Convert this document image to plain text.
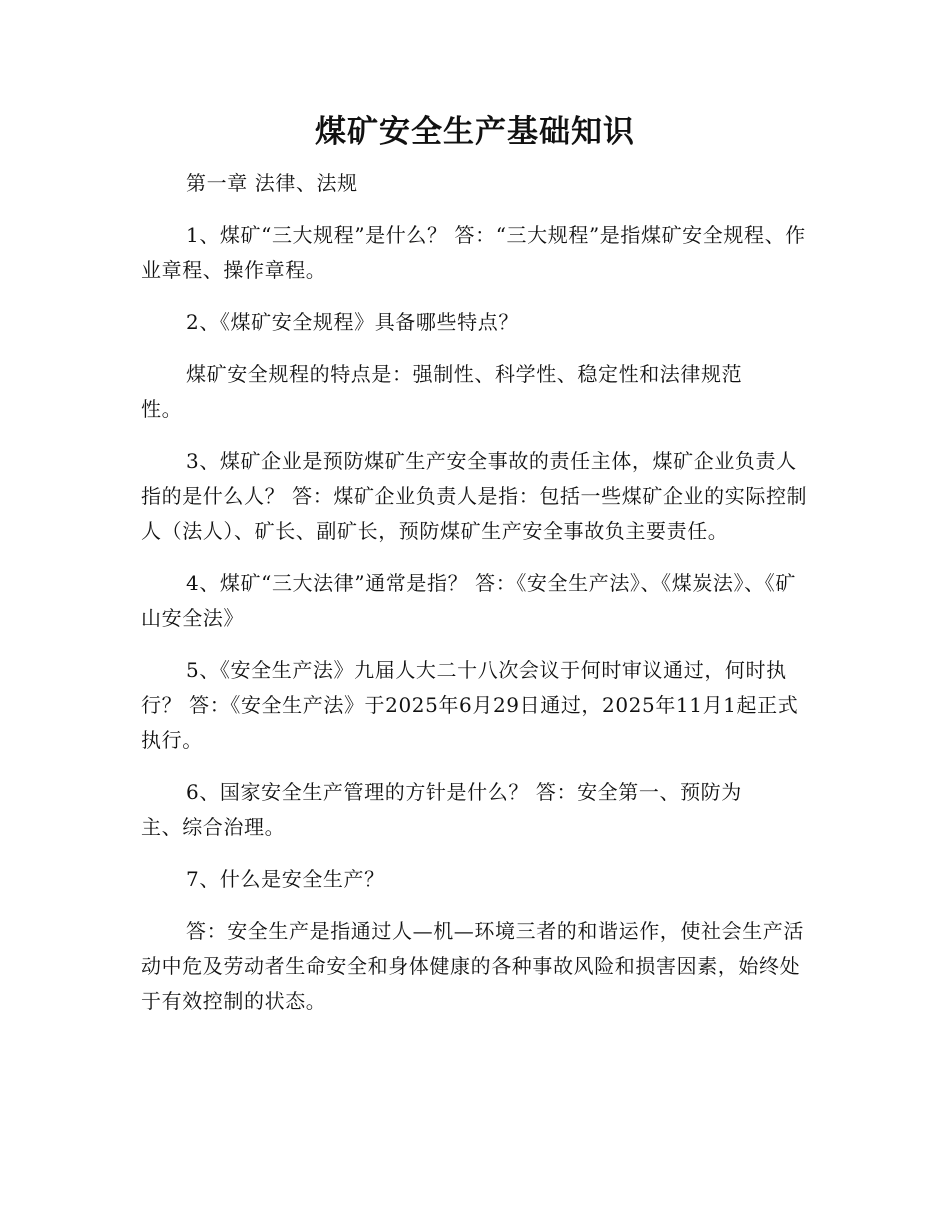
煤矿安全生产基础知识

第一章 法律、法规

1、煤矿“三大规程”是什么？ 答：“三大规程”是指煤矿安全规程、作业章程、操作章程。

2、《煤矿安全规程》具备哪些特点？

煤矿安全规程的特点是：强制性、科学性、稳定性和法律规范性。

3、煤矿企业是预防煤矿生产安全事故的责任主体，煤矿企业负责人指的是什么人？ 答：煤矿企业负责人是指：包括一些煤矿企业的实际控制人（法人）、矿长、副矿长，预防煤矿生产安全事故负主要责任。

4、煤矿“三大法律”通常是指？ 答：《安全生产法》、《煤炭法》、《矿山安全法》

5、《安全生产法》九届人大二十八次会议于何时审议通过，何时执行？ 答：《安全生产法》于2025年6月29日通过，2025年11月1起正式执行。

6、国家安全生产管理的方针是什么？ 答：安全第一、预防为主、综合治理。

7、什么是安全生产？

答：安全生产是指通过人—机—环境三者的和谐运作，使社会生产活动中危及劳动者生命安全和身体健康的各种事故风险和损害因素，始终处于有效控制的状态。
